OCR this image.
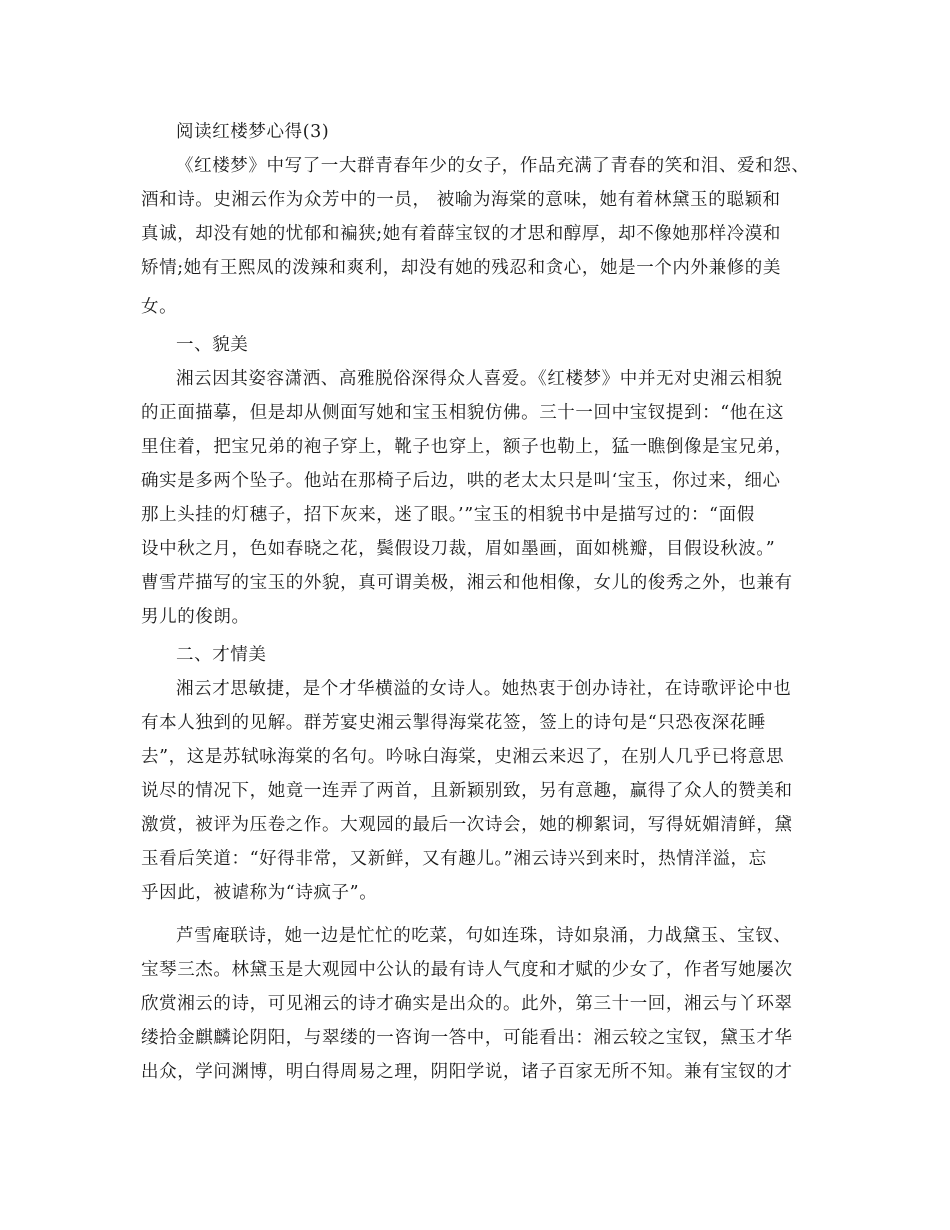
阅读红楼梦心得(3)
《红楼梦》中写了一大群青春年少的女子，作品充满了青春的笑和泪、爱和怨、
酒和诗。史湘云作为众芳中的一员， 被喻为海棠的意味，她有着林黛玉的聪颖和
真诚，却没有她的忧郁和褊狭;她有着薛宝钗的才思和醇厚，却不像她那样冷漠和
矫情;她有王熙凤的泼辣和爽利，却没有她的残忍和贪心，她是一个内外兼修的美
女。
一、貌美
湘云因其姿容潇洒、高雅脱俗深得众人喜爱。《红楼梦》中并无对史湘云相貌
的正面描摹，但是却从侧面写她和宝玉相貌仿佛。三十一回中宝钗提到：“他在这
里住着，把宝兄弟的袍子穿上，靴子也穿上，额子也勒上，猛一瞧倒像是宝兄弟，
确实是多两个坠子。他站在那椅子后边，哄的老太太只是叫‘宝玉，你过来，细心
那上头挂的灯穗子，招下灰来，迷了眼。’”宝玉的相貌书中是描写过的：“面假
设中秋之月，色如春晓之花，鬓假设刀裁，眉如墨画，面如桃瓣，目假设秋波。”
曹雪芹描写的宝玉的外貌，真可谓美极，湘云和他相像，女儿的俊秀之外，也兼有
男儿的俊朗。
二、才情美
湘云才思敏捷，是个才华横溢的女诗人。她热衷于创办诗社，在诗歌评论中也
有本人独到的见解。群芳宴史湘云掣得海棠花签，签上的诗句是“只恐夜深花睡
去”，这是苏轼咏海棠的名句。吟咏白海棠，史湘云来迟了，在别人几乎已将意思
说尽的情况下，她竟一连弄了两首，且新颖别致，另有意趣，赢得了众人的赞美和
激赏，被评为压卷之作。大观园的最后一次诗会，她的柳絮词，写得妩媚清鲜，黛
玉看后笑道：“好得非常，又新鲜，又有趣儿。”湘云诗兴到来时，热情洋溢，忘
乎因此，被谑称为“诗疯子”。
芦雪庵联诗，她一边是忙忙的吃菜，句如连珠，诗如泉涌，力战黛玉、宝钗、
宝琴三杰。林黛玉是大观园中公认的最有诗人气度和才赋的少女了，作者写她屡次
欣赏湘云的诗，可见湘云的诗才确实是出众的。此外，第三十一回，湘云与丫环翠
缕拾金麒麟论阴阳，与翠缕的一咨询一答中，可能看出：湘云较之宝钗，黛玉才华
出众，学问渊博，明白得周易之理，阴阳学说，诸子百家无所不知。兼有宝钗的才
